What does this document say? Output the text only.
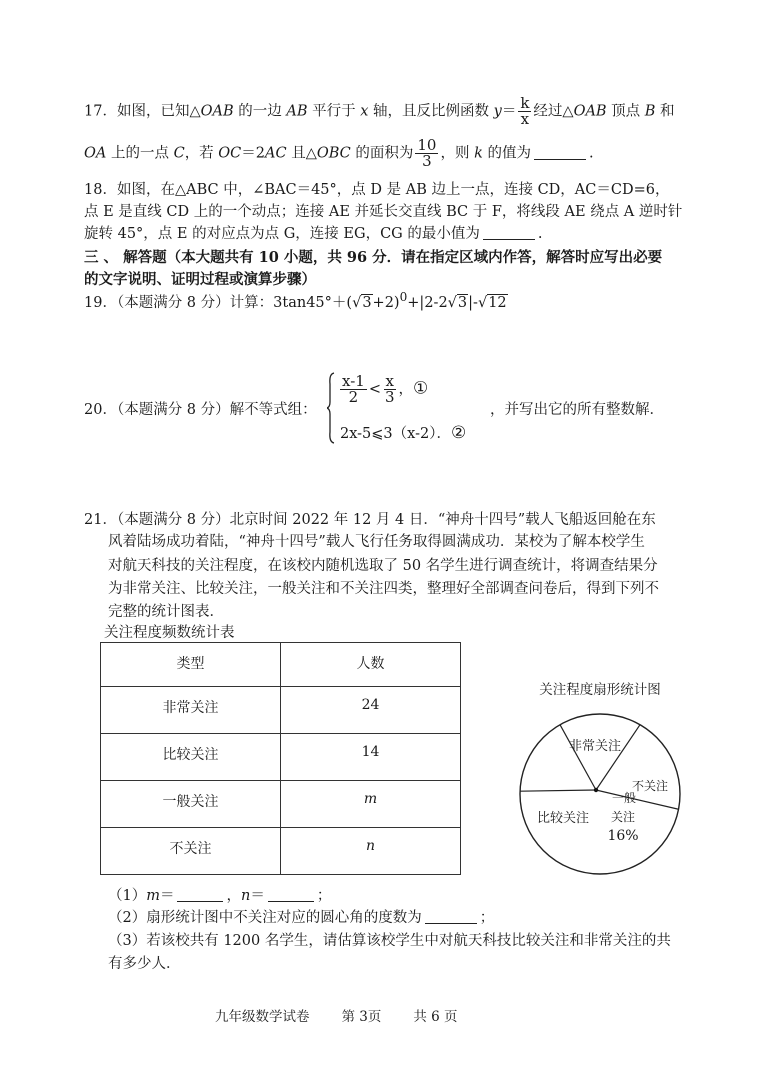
17．如图，已知△OAB 的一边 AB 平行于 x 轴，且反比例函数 $y= \frac{k}{x}$ 经过△OAB 顶点 B 和
OA 上的一点 C，若 OC＝2AC 且△OBC 的面积为 $\frac{10}{3}$ ，则 k 的值为	.
18．如图，在△ABC 中，∠BAC＝45°，点 D 是 AB 边上一点，连接 CD，AC＝CD=6，
点 E 是直线 CD 上的一个动点；连接 AE 并延长交直线 BC 于 F，将线段 AE 绕点 A 逆时针
旋转 45°，点 E 的对应点为点 G，连接 EG，CG 的最小值为	.
三 、 解答题（本大题共有 10 小题，共 96 分．请在指定区域内作答，解答时应写出必要
的文字说明、证明过程或演算步骤）
19．（本题满分 8 分）计算：$3\tan 45^\circ+(√3+2)^0+|2-2√3|-√12$
20．（本题满分 8 分）解不等式组：
$\frac{x-1}{2} < \frac{x}{3}$ ，①
2x-5⩽3（x-2）．②
，并写出它的所有整数解．
21．（本题满分 8 分）北京时间 2022 年 12 月 4 日．“神舟十四号”载人飞船返回舱在东
风着陆场成功着陆，“神舟十四号”载人飞行任务取得圆满成功．某校为了解本校学生
对航天科技的关注程度，在该校内随机选取了 50 名学生进行调查统计，将调查结果分
为非常关注、比较关注，一般关注和不关注四类，整理好全部调查问卷后，得到下列不
完整的统计图表．
关注程度频数统计表
类型	人数
非常关注	24
比较关注	14
一般关注	m
不关注	n
关注程度扇形统计图
非常关注
比较关注
不关注
一般
关注
16%
（1）m＝	，n＝	；
（2）扇形统计图中不关注对应的圆心角的度数为	；
（3）若该校共有 1200 名学生，请估算该校学生中对航天科技比较关注和非常关注的共
有多少人．
九年级数学试卷 第 3页 共 6 页
